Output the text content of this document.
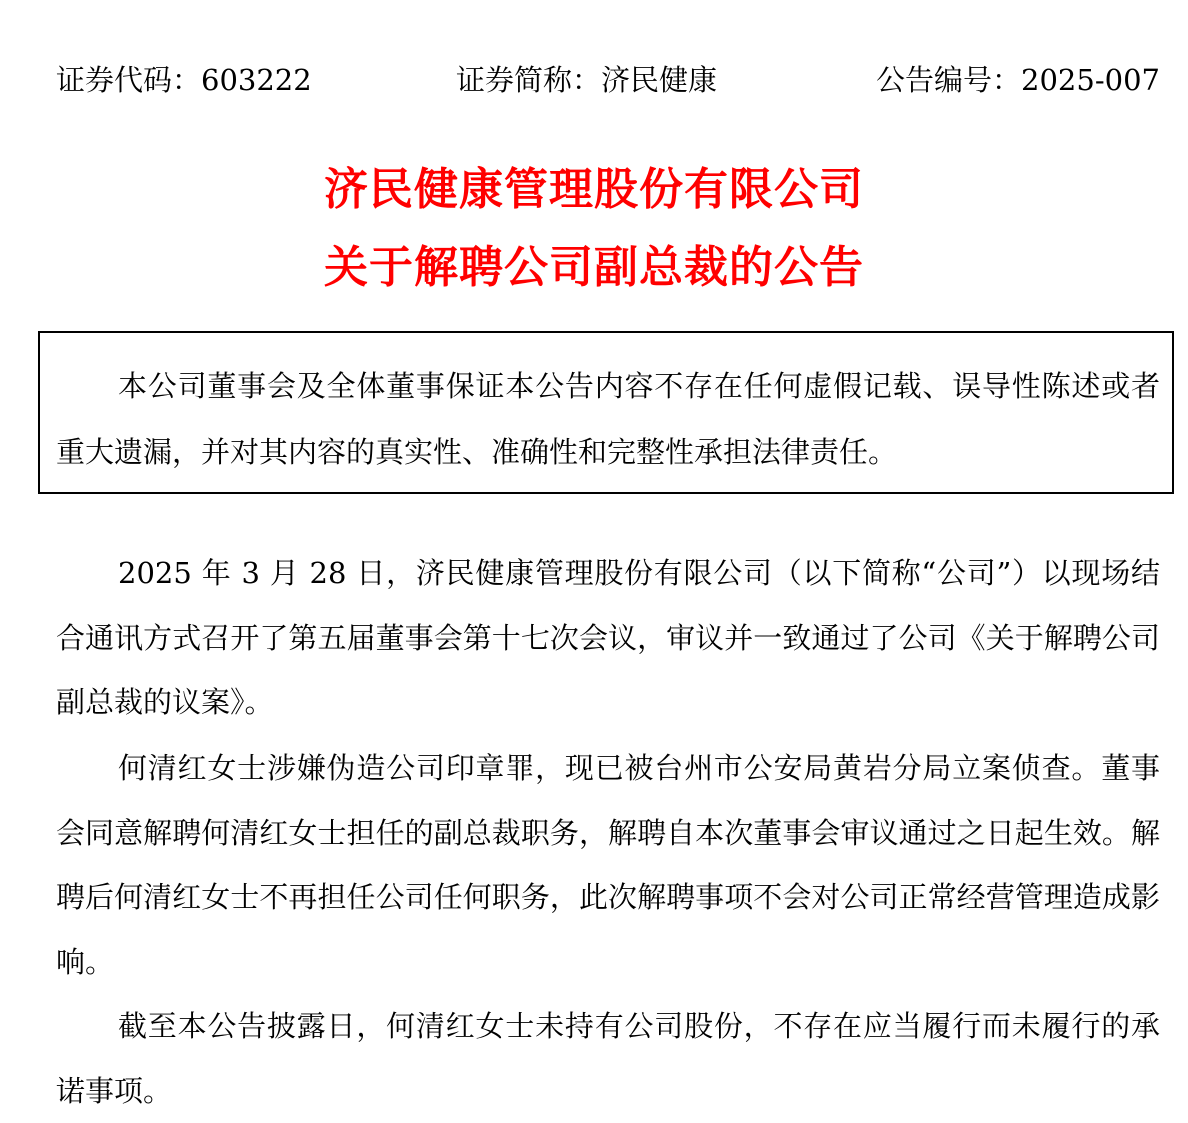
证券代码：603222	证券简称：济民健康	公告编号：2025-007
济民健康管理股份有限公司
关于解聘公司副总裁的公告

本公司董事会及全体董事保证本公告内容不存在任何虚假记载、误导性陈述或者重大遗漏，并对其内容的真实性、准确性和完整性承担法律责任。

2025 年 3 月 28 日，济民健康管理股份有限公司（以下简称“公司”）以现场结合通讯方式召开了第五届董事会第十七次会议，审议并一致通过了公司《关于解聘公司副总裁的议案》。

何清红女士涉嫌伪造公司印章罪，现已被台州市公安局黄岩分局立案侦查。董事会同意解聘何清红女士担任的副总裁职务，解聘自本次董事会审议通过之日起生效。解聘后何清红女士不再担任公司任何职务，此次解聘事项不会对公司正常经营管理造成影响。

截至本公告披露日，何清红女士未持有公司股份，不存在应当履行而未履行的承诺事项。
